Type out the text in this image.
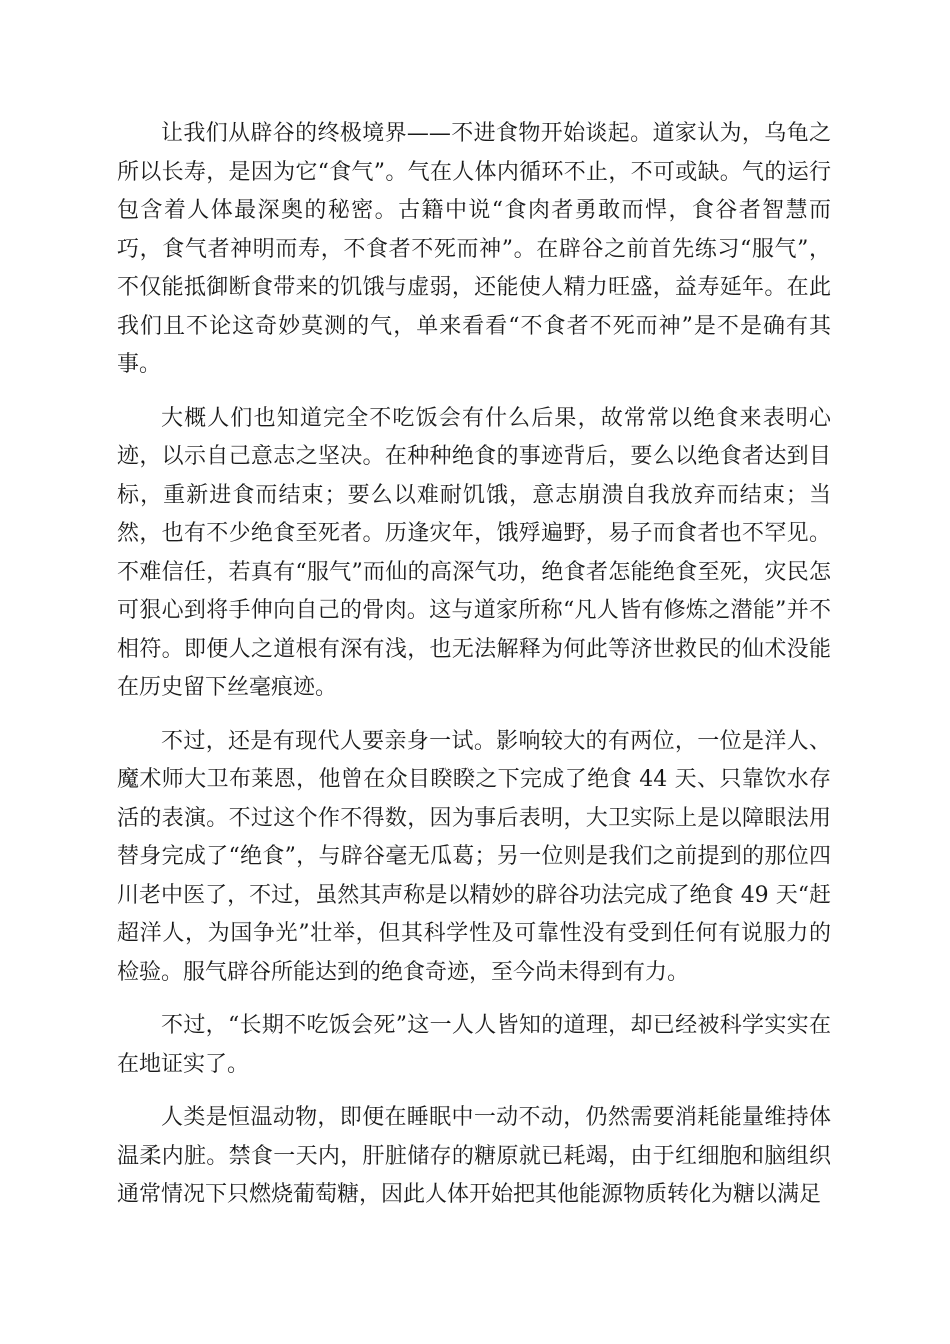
让我们从辟谷的终极境界——不进食物开始谈起。道家认为，乌龟之所以长寿，是因为它“食气”。气在人体内循环不止，不可或缺。气的运行包含着人体最深奥的秘密。古籍中说“食肉者勇敢而悍，食谷者智慧而巧，食气者神明而寿，不食者不死而神”。在辟谷之前首先练习“服气”，不仅能抵御断食带来的饥饿与虚弱，还能使人精力旺盛，益寿延年。在此我们且不论这奇妙莫测的气，单来看看“不食者不死而神”是不是确有其事。

大概人们也知道完全不吃饭会有什么后果，故常常以绝食来表明心迹，以示自己意志之坚决。在种种绝食的事迹背后，要么以绝食者达到目标，重新进食而结束；要么以难耐饥饿，意志崩溃自我放弃而结束；当然，也有不少绝食至死者。历逢灾年，饿殍遍野，易子而食者也不罕见。不难信任，若真有“服气”而仙的高深气功，绝食者怎能绝食至死，灾民怎可狠心到将手伸向自己的骨肉。这与道家所称“凡人皆有修炼之潜能”并不相符。即便人之道根有深有浅，也无法解释为何此等济世救民的仙术没能在历史留下丝毫痕迹。

不过，还是有现代人要亲身一试。影响较大的有两位，一位是洋人、魔术师大卫布莱恩，他曾在众目睽睽之下完成了绝食 44 天、只靠饮水存活的表演。不过这个作不得数，因为事后表明，大卫实际上是以障眼法用替身完成了“绝食”，与辟谷毫无瓜葛；另一位则是我们之前提到的那位四川老中医了，不过，虽然其声称是以精妙的辟谷功法完成了绝食 49 天“赶超洋人，为国争光”壮举，但其科学性及可靠性没有受到任何有说服力的检验。服气辟谷所能达到的绝食奇迹，至今尚未得到有力。

不过，“长期不吃饭会死”这一人人皆知的道理，却已经被科学实实在在地证实了。

人类是恒温动物，即便在睡眠中一动不动，仍然需要消耗能量维持体温柔内脏。禁食一天内，肝脏储存的糖原就已耗竭，由于红细胞和脑组织通常情况下只燃烧葡萄糖，因此人体开始把其他能源物质转化为糖以满足
